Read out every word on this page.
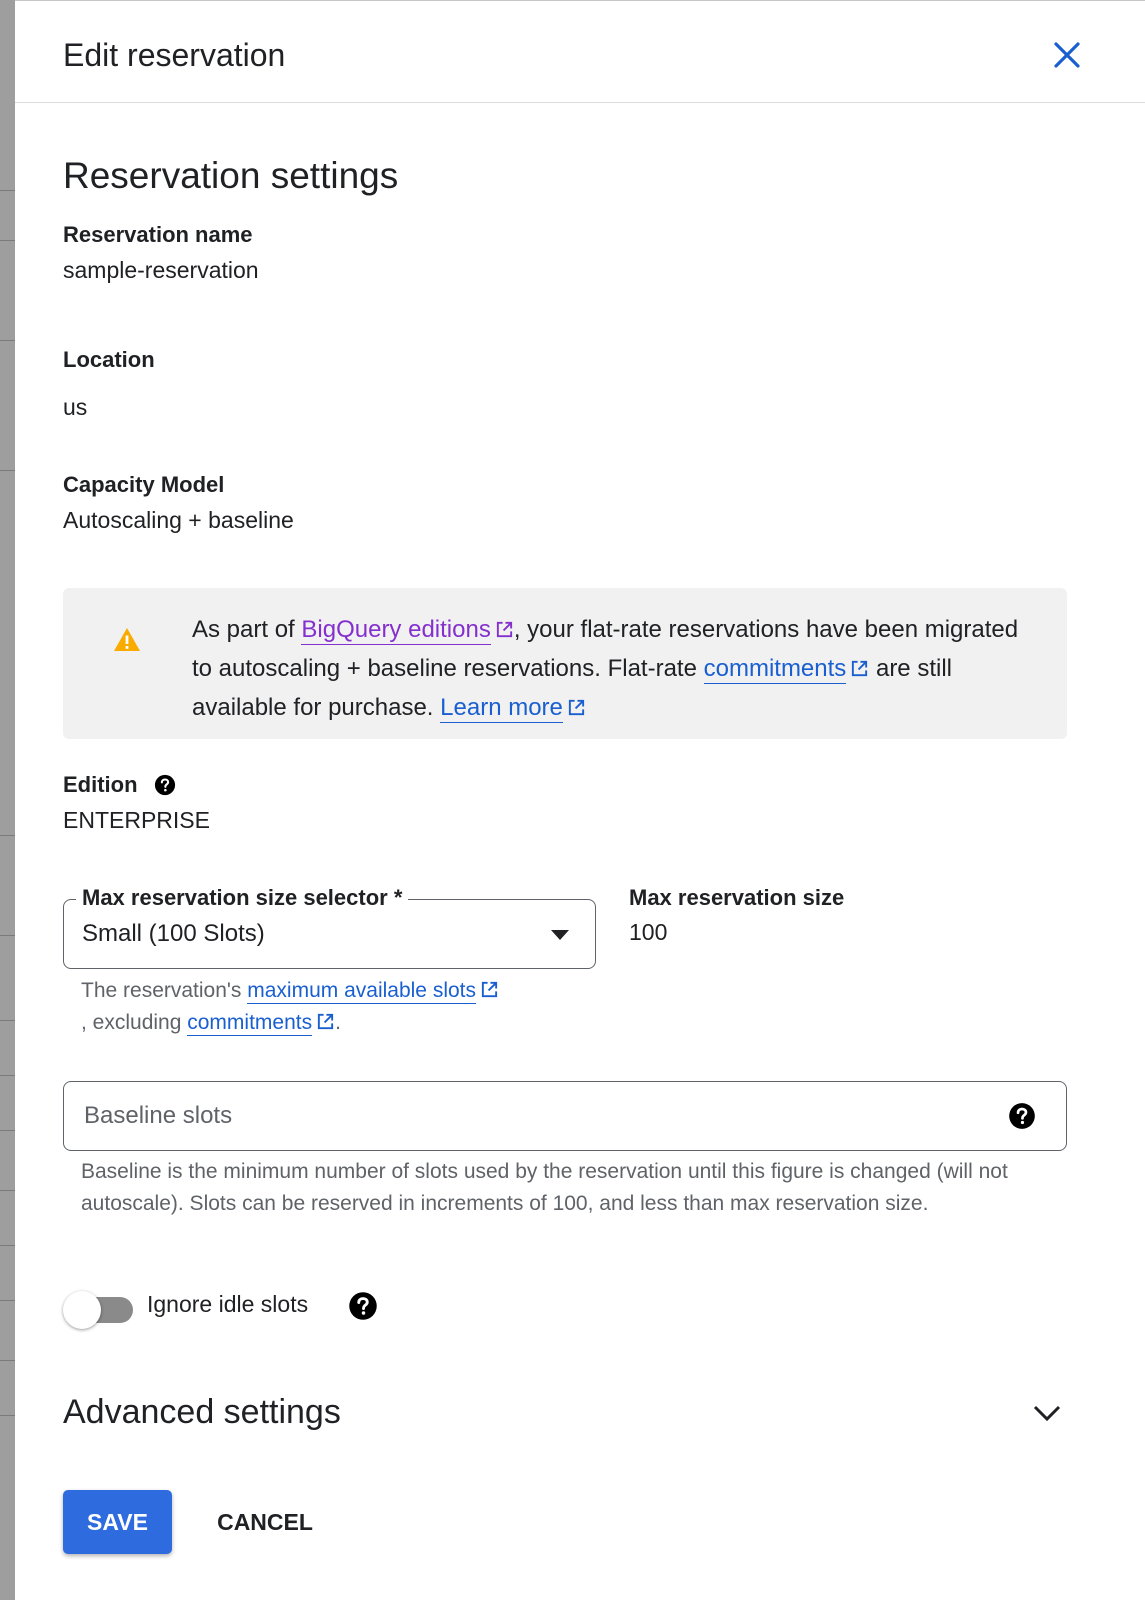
Edit reservation
Reservation settings
Reservation name
sample-reservation
Location
us
Capacity Model
Autoscaling + baseline
As part of BigQuery editions , your flat-rate reservations have been migrated to autoscaling + baseline reservations. Flat-rate commitments are still available for purchase. Learn more
Edition
ENTERPRISE
Max reservation size selector *
Small (100 Slots)
The reservation's maximum available slots
, excluding commitments .
Max reservation size
100
Baseline slots
Baseline is the minimum number of slots used by the reservation until this figure is changed (will not autoscale). Slots can be reserved in increments of 100, and less than max reservation size.
Ignore idle slots
Advanced settings
SAVE	CANCEL
